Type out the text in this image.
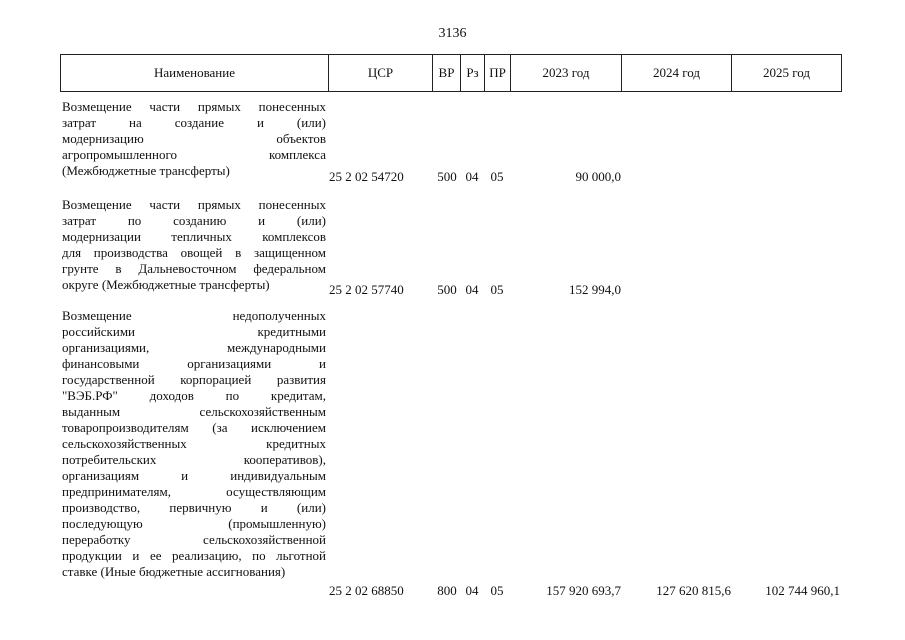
3136
Наименование	ЦСР	ВР	Рз	ПР	2023 год	2024 год	2025 год
Возмещение части прямых понесенных
затрат на создание и (или)
модернизацию объектов
агропромышленного комплекса
(Межбюджетные трансферты)	25 2 02 54720	500 04 05	90 000,0
Возмещение части прямых понесенных
затрат по созданию и (или)
модернизации тепличных комплексов
для производства овощей в защищенном
грунте в Дальневосточном федеральном
округе (Межбюджетные трансферты)	25 2 02 57740	500 04 05	152 994,0
Возмещение недополученных
российскими кредитными
организациями, международными
финансовыми организациями и
государственной корпорацией развития
"ВЭБ.РФ" доходов по кредитам,
выданным сельскохозяйственным
товаропроизводителям (за исключением
сельскохозяйственных кредитных
потребительских кооперативов),
организациям и индивидуальным
предпринимателям, осуществляющим
производство, первичную и (или)
последующую (промышленную)
переработку сельскохозяйственной
продукции и ее реализацию, по льготной
ставке (Иные бюджетные ассигнования)
25 2 02 68850	800 04 05	157 920 693,7	127 620 815,6	102 744 960,1
